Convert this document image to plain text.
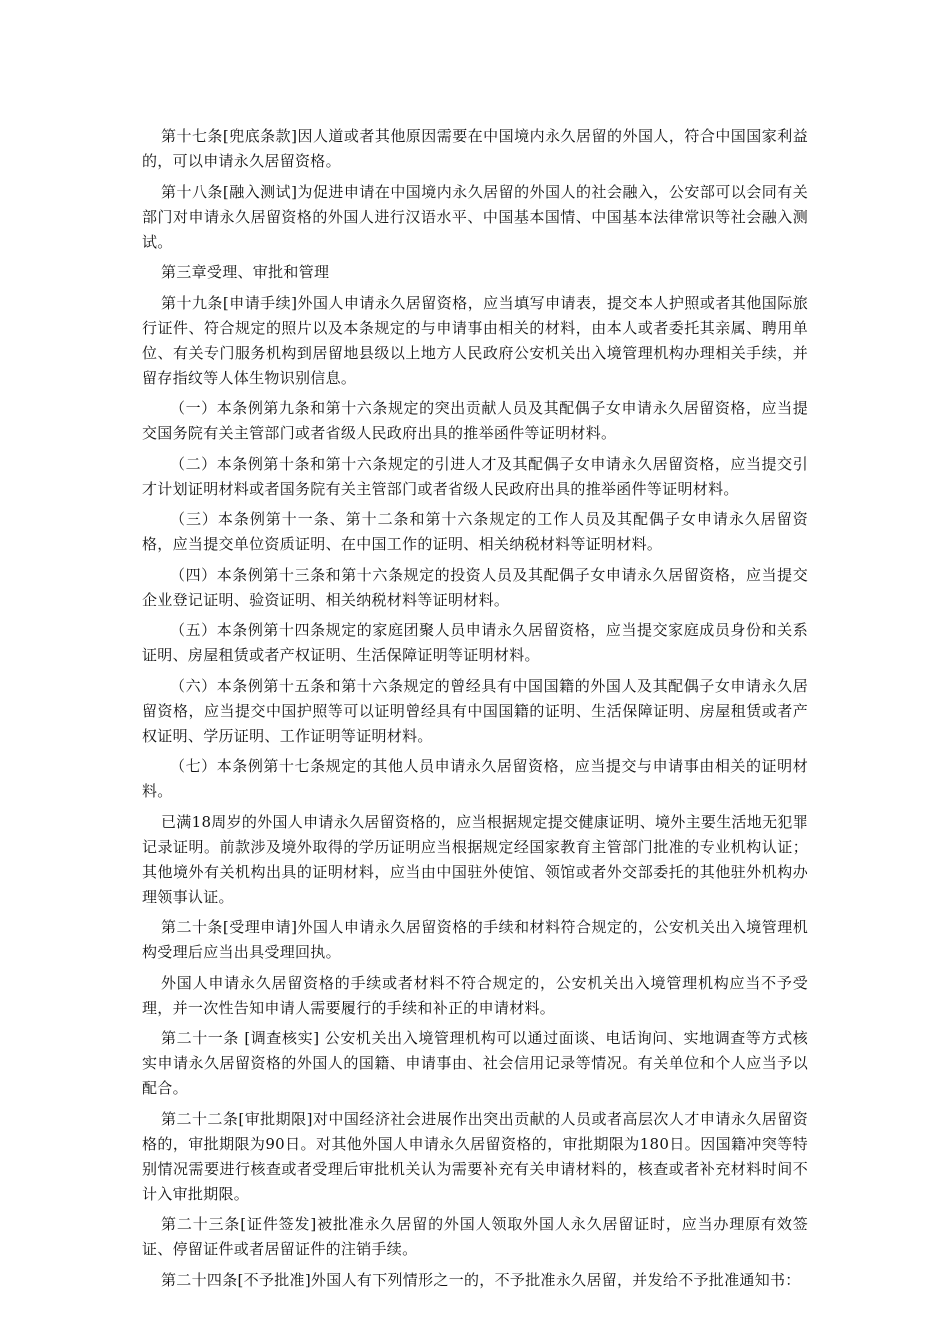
第十七条[兜底条款]因人道或者其他原因需要在中国境内永久居留的外国人，符合中国国家利益的，可以申请永久居留资格。

第十八条[融入测试]为促进申请在中国境内永久居留的外国人的社会融入，公安部可以会同有关部门对申请永久居留资格的外国人进行汉语水平、中国基本国情、中国基本法律常识等社会融入测试。

第三章受理、审批和管理

第十九条[申请手续]外国人申请永久居留资格，应当填写申请表，提交本人护照或者其他国际旅行证件、符合规定的照片以及本条规定的与申请事由相关的材料，由本人或者委托其亲属、聘用单位、有关专门服务机构到居留地县级以上地方人民政府公安机关出入境管理机构办理相关手续，并留存指纹等人体生物识别信息。

（一）本条例第九条和第十六条规定的突出贡献人员及其配偶子女申请永久居留资格，应当提交国务院有关主管部门或者省级人民政府出具的推举函件等证明材料。

（二）本条例第十条和第十六条规定的引进人才及其配偶子女申请永久居留资格，应当提交引才计划证明材料或者国务院有关主管部门或者省级人民政府出具的推举函件等证明材料。

（三）本条例第十一条、第十二条和第十六条规定的工作人员及其配偶子女申请永久居留资格，应当提交单位资质证明、在中国工作的证明、相关纳税材料等证明材料。

（四）本条例第十三条和第十六条规定的投资人员及其配偶子女申请永久居留资格，应当提交企业登记证明、验资证明、相关纳税材料等证明材料。

（五）本条例第十四条规定的家庭团聚人员申请永久居留资格，应当提交家庭成员身份和关系证明、房屋租赁或者产权证明、生活保障证明等证明材料。

（六）本条例第十五条和第十六条规定的曾经具有中国国籍的外国人及其配偶子女申请永久居留资格，应当提交中国护照等可以证明曾经具有中国国籍的证明、生活保障证明、房屋租赁或者产权证明、学历证明、工作证明等证明材料。

（七）本条例第十七条规定的其他人员申请永久居留资格，应当提交与申请事由相关的证明材料。

已满18周岁的外国人申请永久居留资格的，应当根据规定提交健康证明、境外主要生活地无犯罪记录证明。前款涉及境外取得的学历证明应当根据规定经国家教育主管部门批准的专业机构认证；其他境外有关机构出具的证明材料，应当由中国驻外使馆、领馆或者外交部委托的其他驻外机构办理领事认证。

第二十条[受理申请]外国人申请永久居留资格的手续和材料符合规定的，公安机关出入境管理机构受理后应当出具受理回执。

外国人申请永久居留资格的手续或者材料不符合规定的，公安机关出入境管理机构应当不予受理，并一次性告知申请人需要履行的手续和补正的申请材料。

第二十一条 [调查核实] 公安机关出入境管理机构可以通过面谈、电话询问、实地调查等方式核实申请永久居留资格的外国人的国籍、申请事由、社会信用记录等情况。有关单位和个人应当予以配合。

第二十二条[审批期限]对中国经济社会进展作出突出贡献的人员或者高层次人才申请永久居留资格的，审批期限为90日。对其他外国人申请永久居留资格的，审批期限为180日。因国籍冲突等特别情况需要进行核查或者受理后审批机关认为需要补充有关申请材料的，核查或者补充材料时间不计入审批期限。

第二十三条[证件签发]被批准永久居留的外国人领取外国人永久居留证时，应当办理原有效签证、停留证件或者居留证件的注销手续。

第二十四条[不予批准]外国人有下列情形之一的，不予批准永久居留，并发给不予批准通知书：
